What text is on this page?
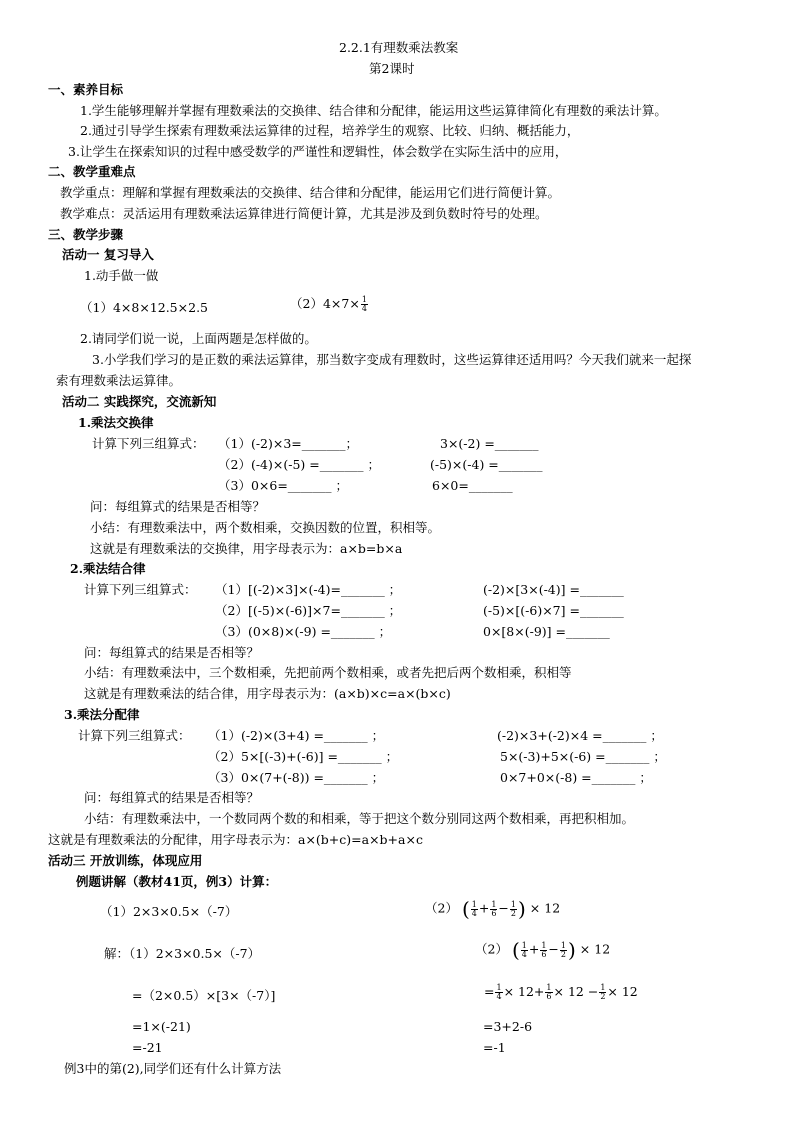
2.2.1有理数乘法教案
第2课时
一、素养目标
1.学生能够理解并掌握有理数乘法的交换律、结合律和分配律，能运用这些运算律简化有理数的乘法计算。
2.通过引导学生探索有理数乘法运算律的过程，培养学生的观察、比较、归纳、概括能力，
3.让学生在探索知识的过程中感受数学的严谨性和逻辑性，体会数学在实际生活中的应用，
二、教学重难点
教学重点：理解和掌握有理数乘法的交换律、结合律和分配律，能运用它们进行简便计算。
教学难点：灵活运用有理数乘法运算律进行简便计算，尤其是涉及到负数时符号的处理。
三、教学步骤
活动一 复习导入
1.动手做一做
（1）4×8×12.5×2.5	$(2)4\times 7\times \frac{1}{4}$
2.请同学们说一说，上面两题是怎样做的。
3.小学我们学习的是正数的乘法运算律，那当数字变成有理数时，这些运算律还适用吗？今天我们就来一起探
索有理数乘法运算律。
活动二 实践探究，交流新知
1.乘法交换律
计算下列三组算式： （1）(-2)×3=_______；	3×(-2) =_______
（2）(-4)×(-5) =_______ ；	(-5)×(-4) =_______
（3）0×6=_______ ；	6×0=_______
问：每组算式的结果是否相等？
小结：有理数乘法中，两个数相乘，交换因数的位置，积相等。
这就是有理数乘法的交换律，用字母表示为：a×b=b×a
2.乘法结合律
计算下列三组算式： （1）[(-2)×3]×(-4)=_______ ；	(-2)×[3×(-4)] =_______
（2）[(-5)×(-6)]×7=_______ ；	(-5)×[(-6)×7] =_______
（3）(0×8)×(-9) =_______ ；	0×[8×(-9)] =_______
问：每组算式的结果是否相等？
小结：有理数乘法中，三个数相乘，先把前两个数相乘，或者先把后两个数相乘，积相等
这就是有理数乘法的结合律，用字母表示为：(a×b)×c=a×(b×c)
3.乘法分配律
计算下列三组算式： （1）(-2)×(3+4) =_______ ；	(-2)×3+(-2)×4 =_______ ；
（2）5×[(-3)+(-6)] =_______ ；	5×(-3)+5×(-6) =_______ ；
（3）0×(7+(-8)) =_______ ；	0×7+0×(-8) =_______ ；
问：每组算式的结果是否相等？
小结：有理数乘法中，一个数同两个数的和相乘，等于把这个数分别同这两个数相乘，再把积相加。
这就是有理数乘法的分配律，用字母表示为：a×(b+c)=a×b+a×c
活动三 开放训练，体现应用
例题讲解（教材41页，例3）计算：
（1）2×3×0.5×（-7）	（2） ( $\frac{1}{4} + \frac{1}{6} - \frac{1}{2}$ ) × 12
解：（1）2×3×0.5×（-7）	（2） ( $\frac{1}{4} + \frac{1}{6} - \frac{1}{2}$ ) × 12
=（2×0.5）×[3×（-7）]	= $\frac{1}{4} \times 12+ \frac{1}{6} \times 12 - \frac{1}{2} \times 12$
=1×(-21)	=3+2-6
=-21	=-1
例3中的第(2),同学们还有什么计算方法
